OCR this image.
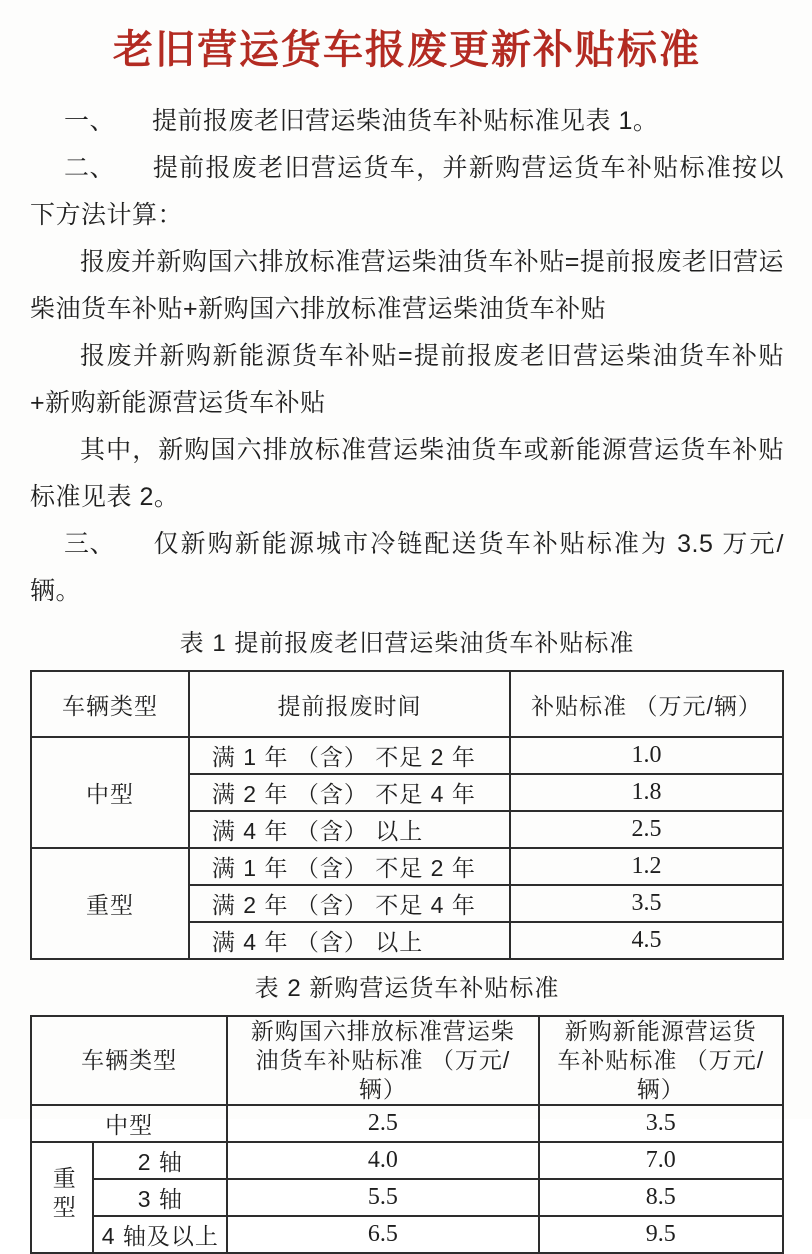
老旧营运货车报废更新补贴标准

一、 提前报废老旧营运柴油货车补贴标准见表 1。

二、 提前报废老旧营运货车，并新购营运货车补贴标准按以下方法计算：

报废并新购国六排放标准营运柴油货车补贴=提前报废老旧营运柴油货车补贴+新购国六排放标准营运柴油货车补贴

报废并新购新能源货车补贴=提前报废老旧营运柴油货车补贴+新购新能源营运货车补贴

其中，新购国六排放标准营运柴油货车或新能源营运货车补贴标准见表 2。

三、 仅新购新能源城市冷链配送货车补贴标准为 3.5 万元/辆。

表 1 提前报废老旧营运柴油货车补贴标准
车辆类型	提前报废时间	补贴标准 （万元/辆）
中型	满 1 年 （含） 不足 2 年	1.0
	满 2 年 （含） 不足 4 年	1.8
	满 4 年 （含） 以上	2.5
重型	满 1 年 （含） 不足 2 年	1.2
	满 2 年 （含） 不足 4 年	3.5
	满 4 年 （含） 以上	4.5
表 2 新购营运货车补贴标准
车辆类型		新购国六排放标准营运柴油货车补贴标准 （万元/辆）	新购新能源营运货车补贴标准 （万元/辆）
中型		2.5	3.5
重型	2 轴	4.0	7.0
	3 轴	5.5	8.5
	4 轴及以上	6.5	9.5
